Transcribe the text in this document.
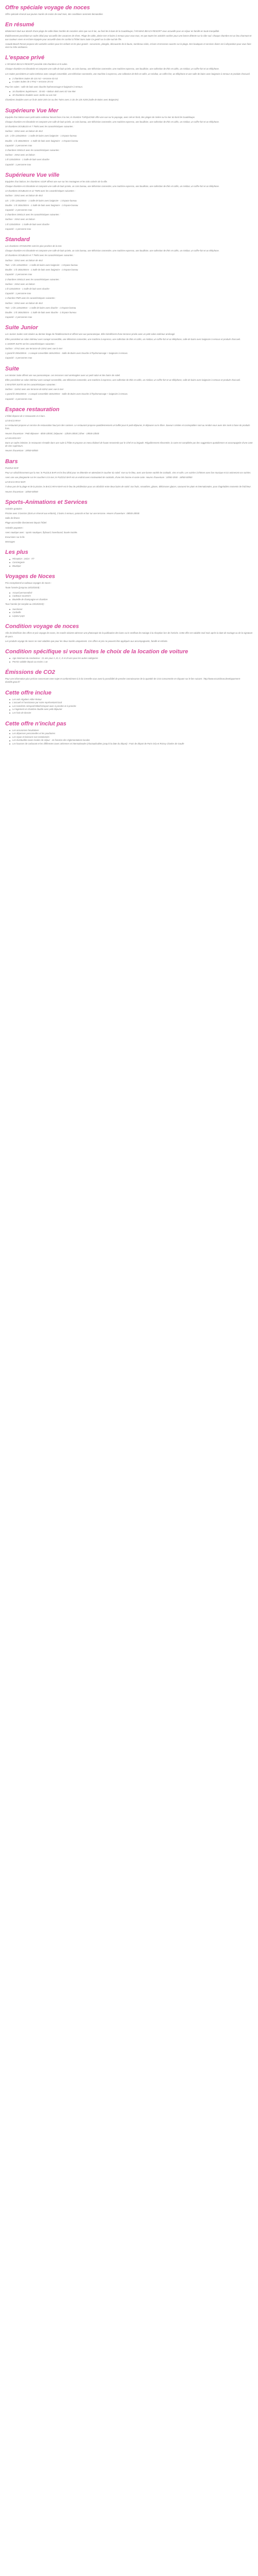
Offre spéciale voyage de noces

Offre spéciale réservé aux jeunes mariés de moins de neuf mois, des conditions rarement demandées

En résumé

Idéalement situé aux abords d'une plage de sable blanc bordée de cocotiers ainsi que sur le lac, au fond de la baie de la Guadeloupe, l'ARAWAK BEACH RESORT vous accueille pour un séjour en famille en toute tranquillité.

Établissement possédant un cadre idéal pour accueillir des vacances de rêves. Plage de sable, pleine mer et bains à remous pour vous tous, en que toutes les activités variées pour une bonne détente sur la côte sud. Chaque chambre est un lieu charmant et aux couleurs vives et est bien équipée pour accueillir dans les confort à l'hôtel Sans Suite Ce gentil sur la côte sud de l'Île.

Arawak Beach Resort propose des activités variées pour les enfants et les plus grands : excursions, plongée, découverte de la faune, nombreux clubs, et bars et terrasses ouverts sur la plage. Des boutiques et services divers est à disposition pour vous faire vivre la riche ambiance.

L'espace privé

L'ARAWAK BEACH RESORT possède 106 chambres et 8 suites.

Chaque chambre est climatisée et comporte une salle de bain privée, un coin bureau, une télévision connectée, une machine expresso, une bouilloire, une collection de thés et cafés, un minibar, un coffre-fort et un téléphone.

Les Suites possèdent un salon intérieur avec canapé convertible, une télévision connectée, une machine à expresso, une collection de thés et cafés, un minibar, un coffre-fort, un téléphone et une salle de bains avec baignoire à remous et produits d'accueil.

2 chambres Suites de 114 m2 + terrasse 63 m2
6 suites Suites de 4 Pm2 + terrasse 20 m2

Pour les suites : salle de bain avec douche hydromassage et baignoire à remous.

16 chambres Supérieures : 33 M2 + Balcon 4M2 avec 82 Vue Mer
30 chambres Doubles avec Jardin ou vue mer

Chambres Doubles avec un lit de 160X 200 Cm ou des Twins avec 2 Lits de 120 X200 (Salle de Bains avec Baignoire)

Supérieure Vue Mer

Equipée d'un balcon avec petit salon extérieur faisant face à la mer, le chambre TURQUOISE offre une vue sur le paysage, avec ciel en fond, des plages de rivière sur la mer du bord de Guadeloupe.

Chaque chambre est climatisée et comporte une salle de bain privée, un coin bureau, une télévision connectée, une machine expresso, une bouilloire, une collection de thés et cafés, un minibar, un coffre-fort et un téléphone.

34 chambres DOUBLES et 7 TWIN avec les caractéristiques suivantes :

Surface : 33m2 avec un balcon de 4m2

Lits : 2 lits 120x200cm - 1 Salle de bains avec baignoire - 1 Espace bureau

Double : 1 lit 180x200cm - 1 Salle de bain avec baignoire - 1 Espace bureau

Capacité : 2 personnes max

3 chambres SINGLE avec les caractéristiques suivantes :

Surface : 15m2 avec un balcon

1 lit 120x200cm - 1 Salle de bain avec douche

Capacité : 1 personne max

Supérieure Vue ville

Equipées d'un balcon, les chambres AZUR offrent une vue sur les montagnes et les toits colorés de la ville.

Chaque chambre est climatisée et comporte une salle de bain privée, un coin bureau, une télévision connectée, une machine expresso, une bouilloire, une collection de thés et cafés, un minibar, un coffre-fort et un téléphone.

13 chambres DOUBLES et 12 TWIN avec les caractéristiques suivantes :

Surface : 33m2 avec un balcon de 4m2

Lits : 2 lits 120x200cm - 1 Salle de bains avec baignoire - 1 Espace bureau

Double : 1 lit 180x200cm - 1 Salle de bain avec baignoire - 1 Espace bureau

Capacité : 2 personnes max

2 chambres SINGLE avec les caractéristiques suivantes :

Surface : 15m2 avec un balcon

1 lit 120x200cm - 1 Salle de bain avec douche

Capacité : 1 personne max

Standard

Les chambres STANDARD sont les plus proches de la mer.

Chaque chambre est climatisée et comporte une salle de bain privée, un coin bureau, une télévision connectée, une machine expresso, une bouilloire, une collection de thés et cafés, un minibar, un coffre-fort et un téléphone.

20 chambres DOUBLES et 7 TWIN avec les caractéristiques suivantes :

Surface : 33m2 avec un balcon de 4m2

Twin : 2 lits 120x200cm - 1 Salle de bains avec baignoire - 1 Espace bureau

Double : 1 lit 180x200cm - 1 Salle de bain avec baignoire - 1 Espace bureau

Capacité : 2 personnes max

2 chambres SINGLE avec les caractéristiques suivantes :

Surface : 15m2 avec un balcon

1 lit 120x200cm - 1 Salle de bain avec douche

Capacité : 1 personne max

1 chambre PMR avec les caractéristiques suivantes :

Surface : 33m2 avec un balcon de 4m2

Twin : 2 lits 120x200cm - 1 Salle de bains avec douche - 1 Espace bureau

Double : 1 lit 180x200cm - 1 Salle de bain avec douche - 1 Espace bureau

Capacité : 2 personnes max

Suite Junior

Les Juniors Suites sont situées au dernier étage de l'établissement et offrent une vue panoramique. Elles bénéficient d'une terrasse privée avec un petit salon extérieur aménagé.

Elles possèdent un salon intérieur avec canapé convertible, une télévision connectée, une machine à expresso, une collection de thés et cafés, un minibar, un coffre-fort et un téléphone, salle de bains avec baignoire à remous et produits d'accueil.

4 JUNIOR SUITE ont les caractéristiques suivantes :

Surface : 47m2 avec une terrasse de 23m2 avec vue la mer

1 grand lit 200x200cm - 1 canapé convertible 160x190cm - Salle de Bains avec Douche à l'hydromassage + baignoire à remous.

Capacité : 4 personnes max

Suite

Les Master Suite offrent une vue panoramique. Les terrasses sont aménagées avec un petit salon et des bains de soleil.

Elles possèdent un salon intérieur avec canapé convertible, une télévision connectée, une machine à expresso, une collection de thés et cafés, un minibar, un coffre-fort et un téléphone, salle de bains avec baignoire à remous et produits d'accueil.

2 MASTER SUITE ont les caractéristiques suivantes :

Surface : 114m2 avec une terrasse de 63m2 avec vue la mer

1 grand lit 200x200cm - 1 canapé convertible 160x190cm - Salle de Bains avec Douche à l'hydromassage + baignoire à remous.

Capacité : 4 personnes max

Espace restauration

L'hôtel dispose de 2 restaurants et 2 bars.

LE BACCARAH

Le restaurant propose un service de restauration haut prix des cuisines. Le restaurant propose quotidiennement un buffet pour le petit-déjeuner, le déjeuner ou le dîner. Saveurs créoles et cosmopolites sont au rendez-vous avec des mets à base de produits frais.

Heures d'ouverture : Petit-déjeuner - 6h00-10h00 | Déjeuner - 12h00-15h00 | Dîner - 19h00-23h00

LE MAHOGANY

Dans un cadre intimiste, le restaurant s'installe dans une suite à l'hôte et propose un menu élaboré de haute renommée par le Chef et sa brigade. Régulièrement réinventée, la carte est complétée par des suggestions quotidiennes et accompagnée d'une carte de vins supérieurs.

Heures d'ouverture : 19h00-00h00

Bars

PUZZLE BAR

Pour un rafraîchissement par la mer, le PUZZLE BAR est le lieu idéal pour se détendre en attendant le coucher du soleil. Vue sur le bleu, avec une bonne variété de cocktails, vins et softs. Les soirées à thèmes avec live musique et DJ animeront vos soirées.

Avec une vue plongeante sur les couchers à la mer, le PUZZLE BAR est un endroit avec mostwanted de cocktails, d'une très bonne et vaste carte. Heures d'ouverture : 10h00-1h00 - 18h00-00h00

LE BACCARAH BAR

À deux pas de la plage et de la piscine, le BACCARAH BAR est le lieu de prédilection pour un rafraîchir entre deux bains de soleil. Sur fruits, smoothies, glaces, délicieuses glaces, savourez les plats et internationales, pour d'agréables moments de fraîcheur.

Heures d'ouverture : 10h00-00h00

Sports-Animations et Services

Activités gratuites

Piscine avec 3 bassins (dont un réservé aux enfants), 2 bains à remous, parasols et bar sur une terrasse. Heures d'ouverture : 08h00-20h00

Salle de fitness

Plage accessible directement depuis l'hôtel

Activités payantes :

Avec nautique avec : sports nautiques, flyboard, hoverboard, bouée tractée.

Excursions sur la île.

Massages

Les plus
Réception : 24/24 - 7/7
Conciergerie
Boutique
Voyages de Noces

Prix exceptionnel & cadeaux voyages de noces :

Toute l'année (jusqu'au 18/10/2019) :

Accueil personnalisé
Cadeaux souvenirs
Bouteille de champagne en chambre

Tous l'année (et complet au 19/10/2019) :

Surclasser
Corbeille
Liqueur pays
Condition voyage de noces

Afin de bénéficier des offres et prix voyage de noces, les mariés doivent adresser une photocopie de la publication des bans ou le certificat de mariage à la réception lors de l'arrivée. Cette offre est valable neuf mois après la date de mariage ou de la signature de pacs.

Les produits voyage de noces ne sont valables que pour les deux mariés uniquement. Ces offres et prix ne peuvent être appliqués aux accompagnants, famille et enfants.

Condition spécifique si vous faites le choix de la location de voiture
Age minimum du conducteur : 21 ans pour A, B, C, E et 25 ans pour les autres catégories
Permis valable depuis au moins 1 an
Émissions de CO2

Pour une information plus précise concernant votre trajet et conformément à la loi Grenelle vous avez la possibilité de prendre connaissance de la quantité de CO2 consommée en cliquant sur le lien suivant : http://www.eco2climat.developpement-durable.gouv.fr/

Cette offre inclue
Les vols réguliers Allier-Retour
L'accueil et l'assistance par notre représentant local
Les transferts Aéroport/Hôtel/Aéroport avec à prendre et à prendre
Le logement en chambre double avec petit déjeuner
Les frais de dossier
Cette offre n'inclut pas
Les assurances facultatives
Les dépenses personnelles et les pourboires
Les repas et boissons non mentionnés
Les éventuelles taxes locales de séjour - en fonction des réglementations locales
Les hausses de carburant et les différentes taxes aériennes et internationales (réactualisables jusqu'à la date du départ) : Frais de départ de Paris Orly et Roissy Charles de Gaulle
